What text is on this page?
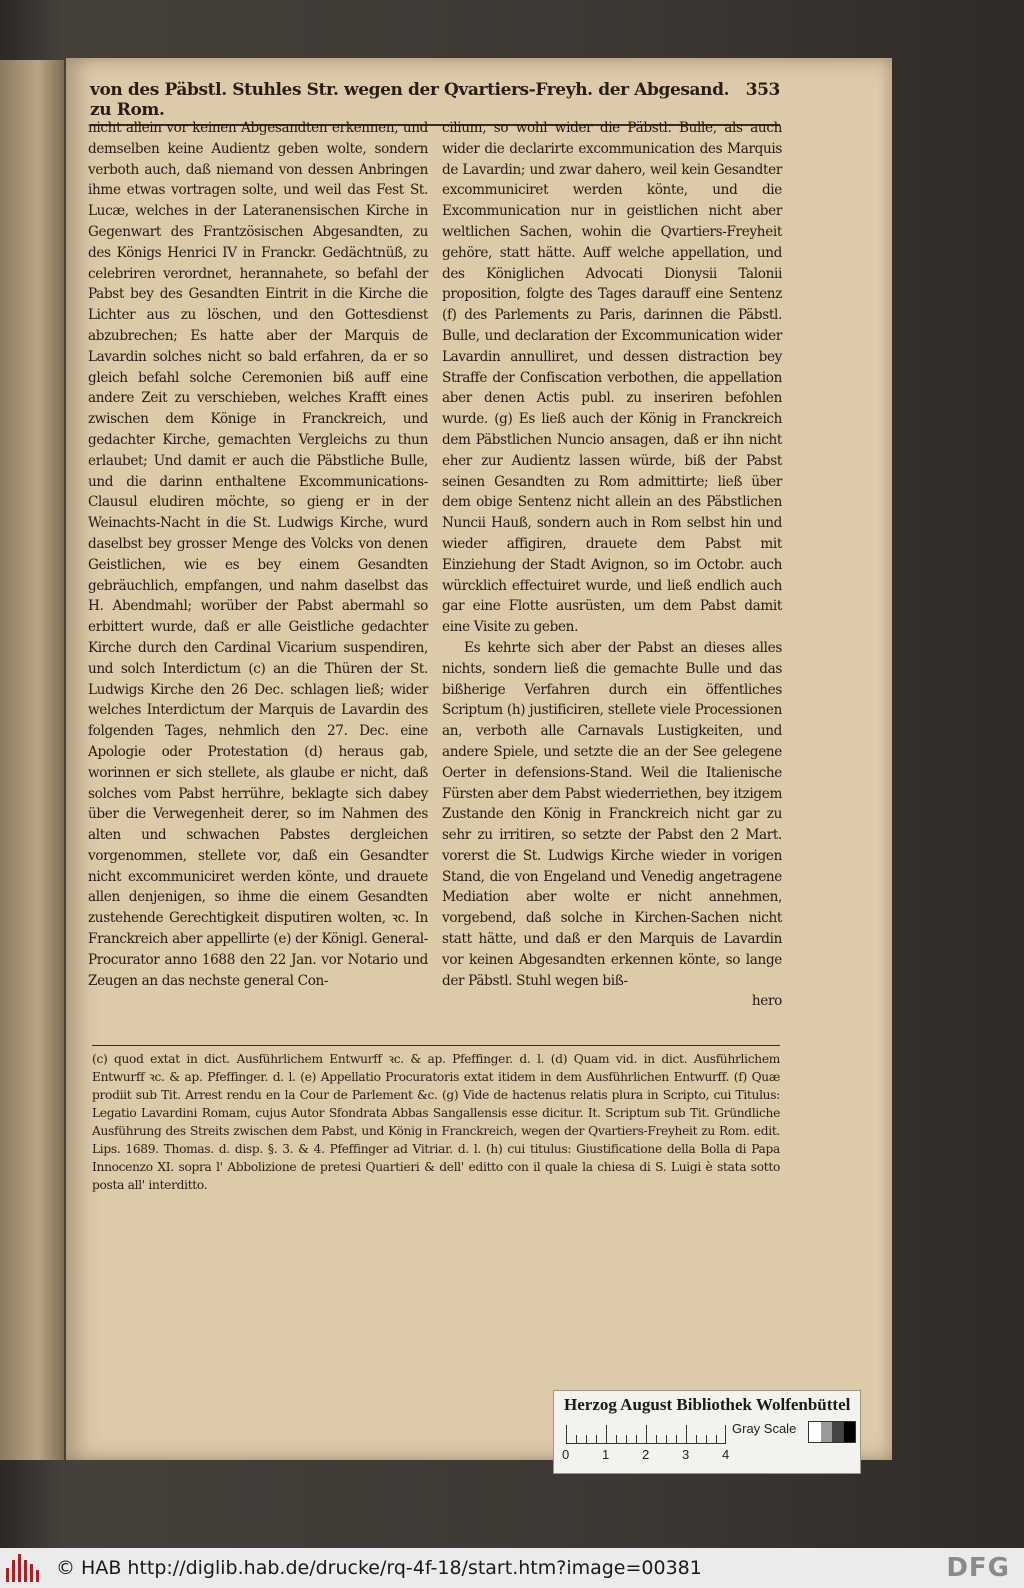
von des Päbstl. Stuhles Str. wegen der Qvartiers-Freyh. der Abgesand. zu Rom.
353

nicht allein vor keinen Abgesandten erkennen, und demselben keine Audientz geben wolte, sondern verboth auch, daß niemand von dessen Anbringen ihme etwas vortragen solte, und weil das Fest St. Lucæ, welches in der Lateranensischen Kirche in Gegenwart des Frantzösischen Abgesandten, zu des Königs Henrici IV in Franckr. Gedächtnüß, zu celebriren verordnet, herannahete, so befahl der Pabst bey des Gesandten Eintrit in die Kirche die Lichter aus zu löschen, und den Gottesdienst abzubrechen; Es hatte aber der Marquis de Lavardin solches nicht so bald erfahren, da er so gleich befahl solche Ceremonien biß auff eine andere Zeit zu verschieben, welches Krafft eines zwischen dem Könige in Franckreich, und gedachter Kirche, gemachten Vergleichs zu thun erlaubet; Und damit er auch die Päbstliche Bulle, und die darinn enthaltene Excommunications-Clausul eludiren möchte, so gieng er in der Weinachts-Nacht in die St. Ludwigs Kirche, wurd daselbst bey grosser Menge des Volcks von denen Geistlichen, wie es bey einem Gesandten gebräuchlich, empfangen, und nahm daselbst das H. Abendmahl; worüber der Pabst abermahl so erbittert wurde, daß er alle Geistliche gedachter Kirche durch den Cardinal Vicarium suspendiren, und solch Interdictum (c) an die Thüren der St. Ludwigs Kirche den 26 Dec. schlagen ließ; wider welches Interdictum der Marquis de Lavardin des folgenden Tages, nehmlich den 27. Dec. eine Apologie oder Protestation (d) heraus gab, worinnen er sich stellete, als glaube er nicht, daß solches vom Pabst herrühre, beklagte sich dabey über die Verwegenheit derer, so im Nahmen des alten und schwachen Pabstes dergleichen vorgenommen, stellete vor, daß ein Gesandter nicht excommuniciret werden könte, und drauete allen denjenigen, so ihme die einem Gesandten zustehende Gerechtigkeit disputiren wolten, ꝛc. In Franckreich aber appellirte (e) der Königl. General-Procurator anno 1688 den 22 Jan. vor Notario und Zeugen an das nechste general Con-

cilium, so wohl wider die Päbstl. Bulle, als auch wider die declarirte excommunication des Marquis de Lavardin; und zwar dahero, weil kein Gesandter excommuniciret werden könte, und die Excommunication nur in geistlichen nicht aber weltlichen Sachen, wohin die Qvartiers-Freyheit gehöre, statt hätte. Auff welche appellation, und des Königlichen Advocati Dionysii Talonii proposition, folgte des Tages darauff eine Sentenz (f) des Parlements zu Paris, darinnen die Päbstl. Bulle, und declaration der Excommunication wider Lavardin annulliret, und dessen distraction bey Straffe der Confiscation verbothen, die appellation aber denen Actis publ. zu inseriren befohlen wurde. (g) Es ließ auch der König in Franckreich dem Päbstlichen Nuncio ansagen, daß er ihn nicht eher zur Audientz lassen würde, biß der Pabst seinen Gesandten zu Rom admittirte; ließ über dem obige Sentenz nicht allein an des Päbstlichen Nuncii Hauß, sondern auch in Rom selbst hin und wieder affigiren, drauete dem Pabst mit Einziehung der Stadt Avignon, so im Octobr. auch würcklich effectuiret wurde, und ließ endlich auch gar eine Flotte ausrüsten, um dem Pabst damit eine Visite zu geben.

Es kehrte sich aber der Pabst an dieses alles nichts, sondern ließ die gemachte Bulle und das bißherige Verfahren durch ein öffentliches Scriptum (h) justificiren, stellete viele Processionen an, verboth alle Carnavals Lustigkeiten, und andere Spiele, und setzte die an der See gelegene Oerter in defensions-Stand. Weil die Italienische Fürsten aber dem Pabst wiederriethen, bey itzigem Zustande den König in Franckreich nicht gar zu sehr zu irritiren, so setzte der Pabst den 2 Mart. vorerst die St. Ludwigs Kirche wieder in vorigen Stand, die von Engeland und Venedig angetragene Mediation aber wolte er nicht annehmen, vorgebend, daß solche in Kirchen-Sachen nicht statt hätte, und daß er den Marquis de Lavardin vor keinen Abgesandten erkennen könte, so lange der Päbstl. Stuhl wegen biß-

hero

(c) quod extat in dict. Ausführlichem Entwurff ꝛc. & ap. Pfeffinger. d. l. (d) Quam vid. in dict. Ausführlichem Entwurff ꝛc. & ap. Pfeffinger. d. l. (e) Appellatio Procuratoris extat itidem in dem Ausführlichen Entwurff. (f) Quæ prodiit sub Tit. Arrest rendu en la Cour de Parlement &c. (g) Vide de hactenus relatis plura in Scripto, cui Titulus: Legatio Lavardini Romam, cujus Autor Sfondrata Abbas Sangallensis esse dicitur. It. Scriptum sub Tit. Gründliche Ausführung des Streits zwischen dem Pabst, und König in Franckreich, wegen der Qvartiers-Freyheit zu Rom. edit. Lips. 1689. Thomas. d. disp. §. 3. & 4. Pfeffinger ad Vitriar. d. l. (h) cui titulus: Giustificatione della Bolla di Papa Innocenzo XI. sopra l' Abbolizione de pretesi Quartieri & dell' editto con il quale la chiesa di S. Luigi è stata sotto posta all' interditto.

Herzog August Bibliothek Wolfenbüttel
0	1	2	3	4
Gray Scale
© HAB http://diglib.hab.de/drucke/rq-4f-18/start.htm?image=00381	DFG
